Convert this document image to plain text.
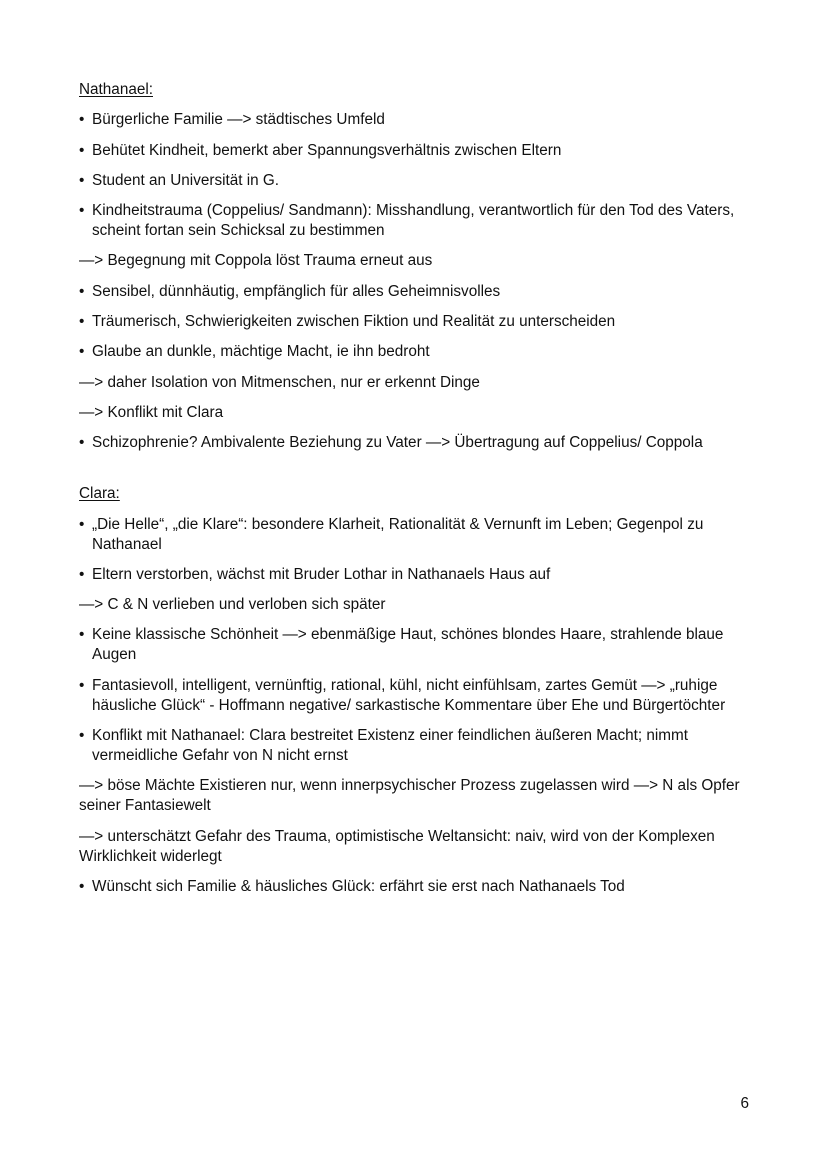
Nathanael:
• Bürgerliche Familie —> städtisches Umfeld
• Behütet Kindheit, bemerkt aber Spannungsverhältnis zwischen Eltern
• Student an Universität in G.
• Kindheitstrauma (Coppelius/ Sandmann): Misshandlung, verantwortlich für den Tod des Vaters, scheint fortan sein Schicksal zu bestimmen
—> Begegnung mit Coppola löst Trauma erneut aus
• Sensibel, dünnhäutig, empfänglich für alles Geheimnisvolles
• Träumerisch, Schwierigkeiten zwischen Fiktion und Realität zu unterscheiden
• Glaube an dunkle, mächtige Macht, ie ihn bedroht
—> daher Isolation von Mitmenschen, nur er erkennt Dinge
—> Konflikt mit Clara
• Schizophrenie? Ambivalente Beziehung zu Vater —> Übertragung auf Coppelius/ Coppola
Clara:
• „Die Helle“, „die Klare“: besondere Klarheit, Rationalität & Vernunft im Leben; Gegenpol zu Nathanael
• Eltern verstorben, wächst mit Bruder Lothar in Nathanaels Haus auf
—> C & N verlieben und verloben sich später
• Keine klassische Schönheit —> ebenmäßige Haut, schönes blondes Haare, strahlende blaue Augen
• Fantasievoll, intelligent, vernünftig, rational, kühl, nicht einfühlsam, zartes Gemüt —> „ruhige häusliche Glück“ - Hoffmann negative/ sarkastische Kommentare über Ehe und Bürgertöchter
• Konflikt mit Nathanael: Clara bestreitet Existenz einer feindlichen äußeren Macht; nimmt vermeidliche Gefahr von N nicht ernst
—> böse Mächte Existieren nur, wenn innerpsychischer Prozess zugelassen wird —> N als Opfer seiner Fantasiewelt
—> unterschätzt Gefahr des Trauma, optimistische Weltansicht: naiv, wird von der Komplexen Wirklichkeit widerlegt
• Wünscht sich Familie & häusliches Glück: erfährt sie erst nach Nathanaels Tod
6
